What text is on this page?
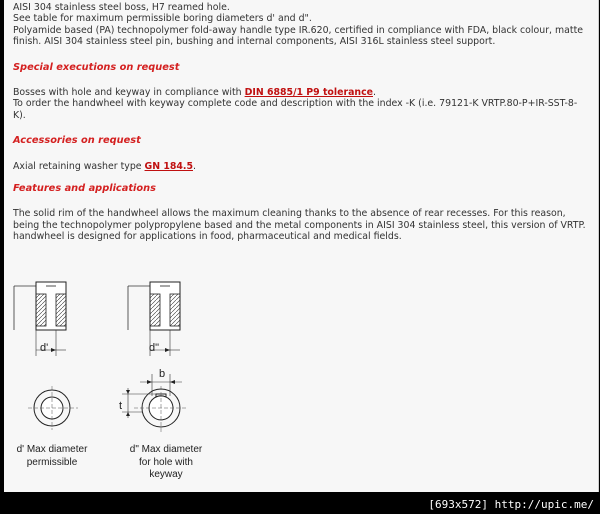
AISI 304 stainless steel boss, H7 reamed hole.

See table for maximum permissible boring diameters d' and d".

Polyamide based (PA) technopolymer fold-away handle type IR.620, certified in compliance with FDA, black colour, matte finish. AISI 304 stainless steel pin, bushing and internal components, AISI 316L stainless steel support.

Special executions on request

Bosses with hole and keyway in compliance with DIN 6885/1 P9 tolerance.

To order the handwheel with keyway complete code and description with the index -K (i.e. 79121-K VRTP.80-P+IR-SST-8-K).

Accessories on request

Axial retaining washer type GN 184.5.

Features and applications

The solid rim of the handwheel allows the maximum cleaning thanks to the absence of rear recesses. For this reason, being the technopolymer polypropylene based and the metal components in AISI 304 stainless steel, this version of VRTP. handwheel is designed for applications in food, pharmaceutical and medical fields.

d'	d"
b
t
d' Max diameter permissible
d" Max diameter for hole with keyway
[693x572] http://upic.me/
